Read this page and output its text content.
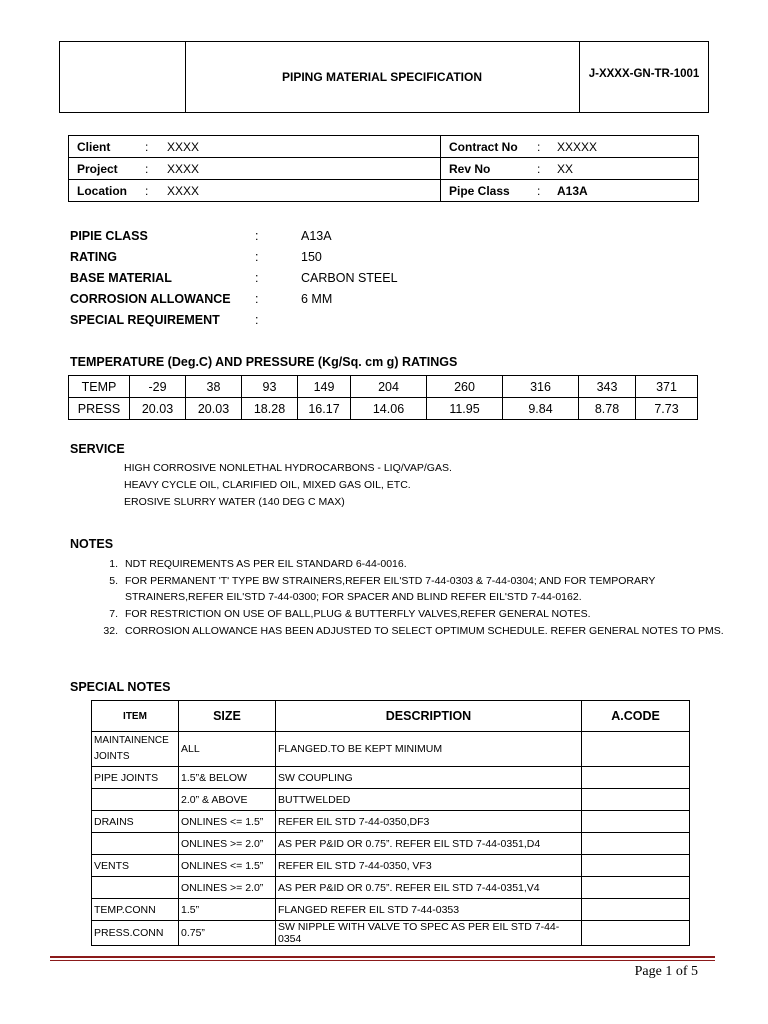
PIPING MATERIAL SPECIFICATION	J-XXXX-GN-TR-1001
Client : XXXX	Contract No : XXXXX
Project : XXXX	Rev No : XX
Location : XXXX	Pipe Class : A13A
PIPIE CLASS	:	A13A
RATING	:	150
BASE MATERIAL	:	CARBON STEEL
CORROSION ALLOWANCE :	6 MM
SPECIAL REQUIREMENT	:
TEMPERATURE (Deg.C) AND PRESSURE (Kg/Sq. cm g) RATINGS
TEMP	-29	38	93	149	204	260	316	343	371
PRESS	20.03	20.03	18.28	16.17	14.06	11.95	9.84	8.78	7.73
SERVICE
HIGH CORROSIVE NONLETHAL HYDROCARBONS - LIQ/VAP/GAS.
HEAVY CYCLE OIL, CLARIFIED OIL, MIXED GAS OIL, ETC.
EROSIVE SLURRY WATER (140 DEG C MAX)
NOTES
1. NDT REQUIREMENTS AS PER EIL STANDARD 6-44-0016.
5. FOR PERMANENT 'T' TYPE BW STRAINERS,REFER EIL'STD 7-44-0303 & 7-44-0304; AND FOR TEMPORARY
STRAINERS,REFER EIL'STD 7-44-0300; FOR SPACER AND BLIND REFER EIL'STD 7-44-0162.
7. FOR RESTRICTION ON USE OF BALL,PLUG & BUTTERFLY VALVES,REFER GENERAL NOTES.
32. CORROSION ALLOWANCE HAS BEEN ADJUSTED TO SELECT OPTIMUM SCHEDULE. REFER GENERAL NOTES TO PMS.
SPECIAL NOTES
ITEM	SIZE	DESCRIPTION	A.CODE
MAINTAINENCE JOINTS	ALL	FLANGED.TO BE KEPT MINIMUM	
PIPE JOINTS	1.5”& BELOW	SW COUPLING	
	2.0” & ABOVE	BUTTWELDED	
DRAINS	ONLINES <= 1.5”	REFER EIL STD 7-44-0350,DF3	
	ONLINES >= 2.0”	AS PER P&ID OR 0.75”. REFER EIL STD 7-44-0351,D4	
VENTS	ONLINES <= 1.5”	REFER EIL STD 7-44-0350, VF3	
	ONLINES >= 2.0”	AS PER P&ID OR 0.75”. REFER EIL STD 7-44-0351,V4	
TEMP.CONN	1.5”	FLANGED REFER EIL STD 7-44-0353	
PRESS.CONN	0.75”	SW NIPPLE WITH VALVE TO SPEC AS PER EIL STD 7-44-0354	
Page 1 of 5
